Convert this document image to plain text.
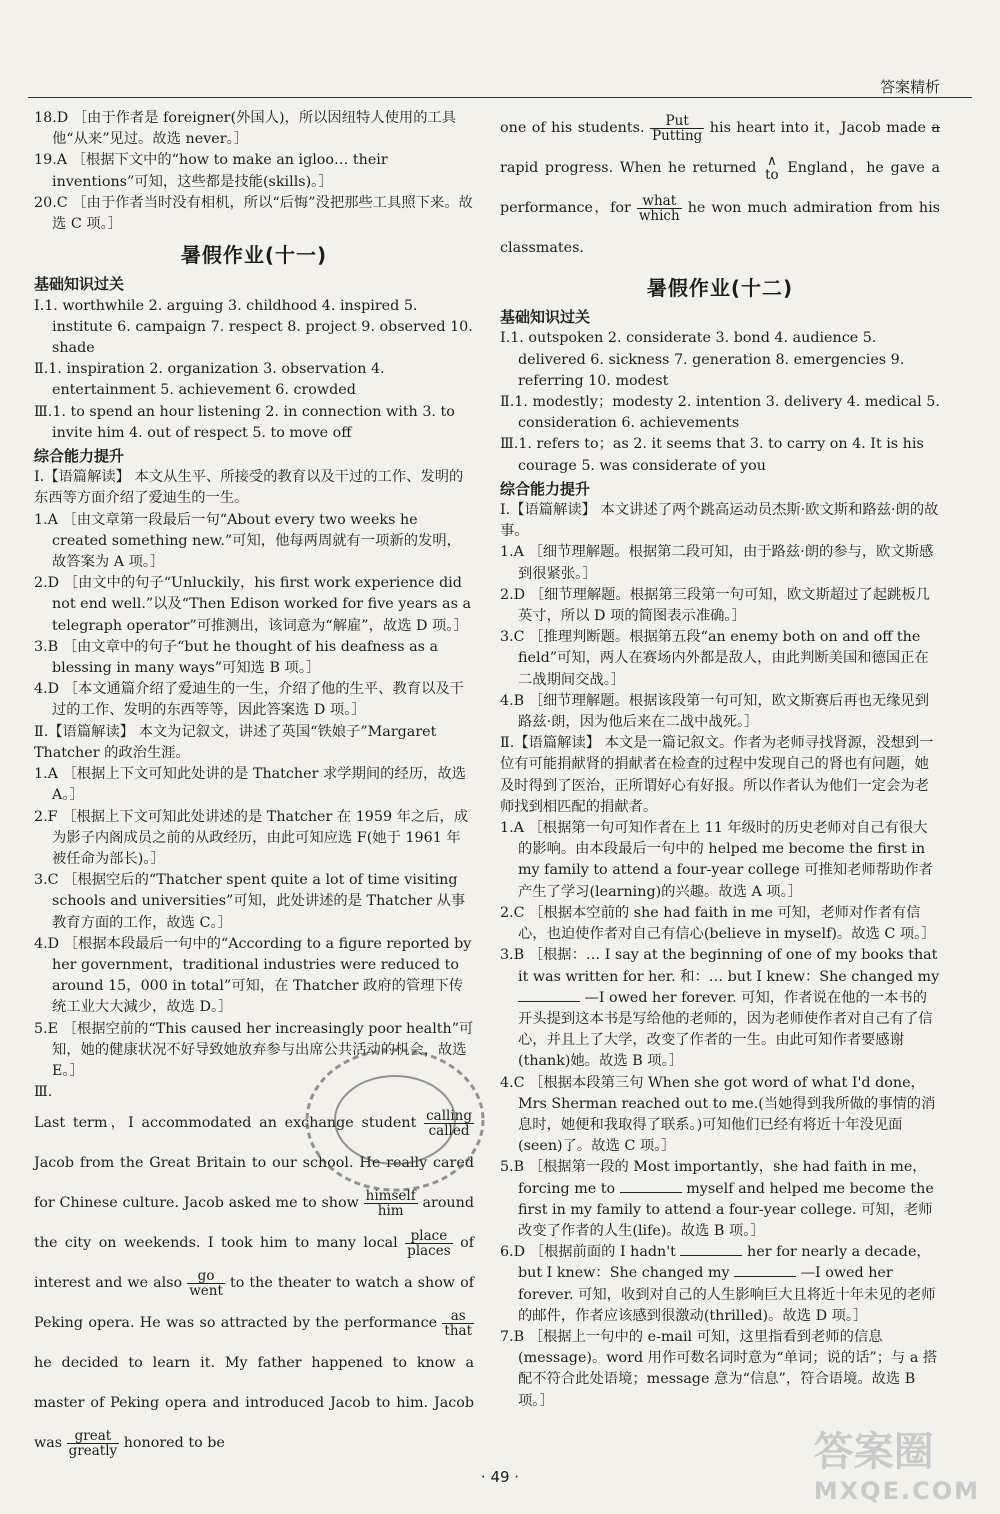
答案精析

18.D ［由于作者是 foreigner(外国人)，所以因纽特人使用的工具他“从来”见过。故选 never。］

19.A ［根据下文中的“how to make an igloo… their inventions”可知，这些都是技能(skills)。］

20.C ［由于作者当时没有相机，所以“后悔”没把那些工具照下来。故选 C 项。］

暑假作业(十一)
基础知识过关

Ⅰ.1. worthwhile 2. arguing 3. childhood 4. inspired 5. institute 6. campaign 7. respect 8. project 9. observed 10. shade

Ⅱ.1. inspiration 2. organization 3. observation 4. entertainment 5. achievement 6. crowded

Ⅲ.1. to spend an hour listening 2. in connection with 3. to invite him 4. out of respect 5. to move off

综合能力提升

Ⅰ.【语篇解读】 本文从生平、所接受的教育以及干过的工作、发明的东西等方面介绍了爱迪生的一生。

1.A ［由文章第一段最后一句“About every two weeks he created something new.”可知，他每两周就有一项新的发明，故答案为 A 项。］

2.D ［由文中的句子“Unluckily，his first work experience did not end well.”以及“Then Edison worked for five years as a telegraph operator”可推测出，该词意为“解雇”，故选 D 项。］

3.B ［由文章中的句子“but he thought of his deafness as a blessing in many ways”可知选 B 项。］

4.D ［本文通篇介绍了爱迪生的一生，介绍了他的生平、教育以及干过的工作、发明的东西等等，因此答案选 D 项。］

Ⅱ.【语篇解读】 本文为记叙文，讲述了英国“铁娘子”Margaret Thatcher 的政治生涯。

1.A ［根据上下文可知此处讲的是 Thatcher 求学期间的经历，故选 A。］

2.F ［根据上下文可知此处讲述的是 Thatcher 在 1959 年之后，成为影子内阁成员之前的从政经历，由此可知应选 F(她于 1961 年被任命为部长)。］

3.C ［根据空后的“Thatcher spent quite a lot of time visiting schools and universities”可知，此处讲述的是 Thatcher 从事教育方面的工作，故选 C。］

4.D ［根据本段最后一句中的“According to a figure reported by her government，traditional industries were reduced to around 15，000 in total”可知，在 Thatcher 政府的管理下传统工业大大減少，故选 D。］

5.E ［根据空前的“This caused her increasingly poor health”可知，她的健康状况不好导致她放弃参与出席公共活动的机会，故选 E。］

Ⅲ.

Last term，I accommodated an exchange student calling
called
Jacob from the Great Britain to our school. He really cared for Chinese culture. Jacob asked me to show himself
him	around the city on weekends. I took him to many local place
places of interest and we also	go
went to the theater to watch a show of Peking opera. He was so attracted by the performance	as
that
he decided to learn it. My father happened to know a master of Peking opera and introduced Jacob to him. Jacob was great
greatly honored to be

one of his students.	Put
Putting his heart into it，Jacob made a rapid progress. When he returned ∧
to England，he gave a performance，for what
which he won much admiration from his classmates.

暑假作业(十二)
基础知识过关

Ⅰ.1. outspoken 2. considerate 3. bond 4. audience 5. delivered 6. sickness 7. generation 8. emergencies 9. referring 10. modest

Ⅱ.1. modestly；modesty 2. intention 3. delivery 4. medical 5. consideration 6. achievements

Ⅲ.1. refers to；as 2. it seems that 3. to carry on 4. It is his courage 5. was considerate of you

综合能力提升

Ⅰ.【语篇解读】 本文讲述了两个跳高运动员杰斯·欧文斯和路兹·朗的故事。

1.A ［细节理解题。根据第二段可知，由于路兹·朗的参与，欧文斯感到很紧张。］

2.D ［细节理解题。根据第三段第一句可知，欧文斯超过了起跳板几英寸，所以 D 项的简图表示准确。］

3.C ［推理判断题。根据第五段“an enemy both on and off the field”可知，两人在赛场内外都是敌人，由此判断美国和德国正在二战期间交战。］

4.B ［细节理解题。根据该段第一句可知，欧文斯赛后再也无缘见到路兹·朗，因为他后来在二战中战死。］

Ⅱ.【语篇解读】 本文是一篇记叙文。作者为老师寻找肾源，没想到一位有可能捐献肾的捐献者在检查的过程中发现自己的肾也有问题，她及时得到了医治，正所谓好心有好报。所以作者认为他们一定会为老师找到相匹配的捐献者。

1.A ［根据第一句可知作者在上 11 年级时的历史老师对自己有很大的影响。由本段最后一句中的 helped me become the first in my family to attend a four-year college 可推知老师帮助作者产生了学习(learning)的兴趣。故选 A 项。］

2.C ［根据本空前的 she had faith in me 可知，老师对作者有信心，也迫使作者对自己有信心(believe in myself)。故选 C 项。］

3.B ［根据：… I say at the beginning of one of my books that it was written for her. 和：… but I knew：She changed my  —I owed her forever. 可知，作者说在他的一本书的开头提到这本书是写给他的老师的，因为老师使作者对自己有了信心，并且上了大学，改变了作者的一生。由此可知作者要感谢(thank)她。故选 B 项。］

4.C ［根据本段第三句 When she got word of what I'd done，Mrs Sherman reached out to me.(当她得到我所做的事情的消息时，她便和我取得了联系。)可知他们已经有将近十年没见面(seen)了。故选 C 项。］

5.B ［根据第一段的 Most importantly，she had faith in me，forcing me to	myself and helped me become the first in my family to attend a four-year college. 可知，老师改变了作者的人生(life)。故选 B 项。］

6.D ［根据前面的 I hadn't	her for nearly a decade，but I knew：She changed my	—I owed her forever. 可知，收到对自己的人生影响巨大且将近十年未见的老师的邮件，作者应该感到很激动(thrilled)。故选 D 项。］

7.B ［根据上一句中的 e-mail 可知，这里指看到老师的信息(message)。word 用作可数名词时意为“单词；说的话”；与 a 搭配不符合此处语境；message 意为“信息”，符合语境。故选 B 项。］

· 49 ·
答案圈
MXQE.COM
